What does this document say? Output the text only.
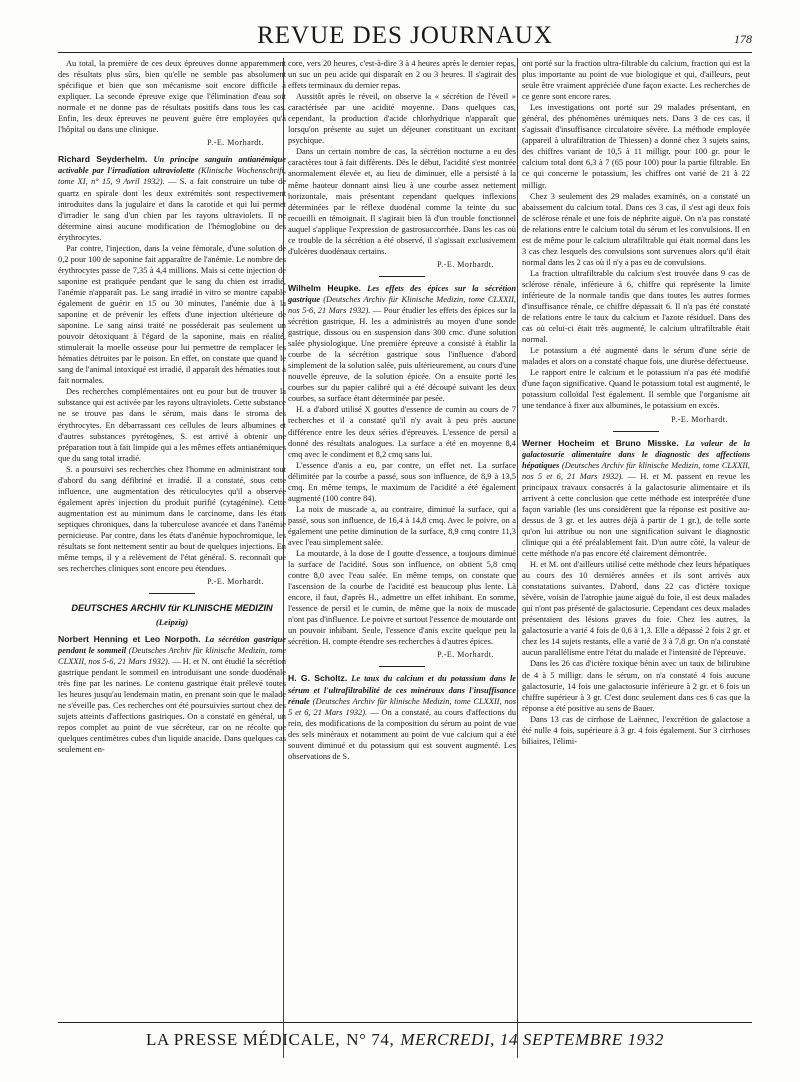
REVUE DES JOURNAUX	178

Au total, la première de ces deux épreuves donne apparemment des résultats plus sûrs, bien qu'elle ne semble pas absolument spécifique et bien que son mécanisme soit encore difficile à expliquer. La seconde épreuve exige que l'élimination d'eau soit normale et ne donne pas de résultats positifs dans tous les cas. Enfin, les deux épreuves ne peuvent guère être employées qu'à l'hôpital ou dans une clinique.

P.-E. Morhardt.

Richard Seyderhelm. Un principe sanguin antianémique activable par l'irradiation ultraviolette (Klinische Wochenschrift, tome XI, n° 15, 9 Avril 1932). — S. a fait construire un tube de quartz en spirale dont les deux extrémités sont respectivement introduites dans la jugulaire et dans la carotide et qui lui permet d'irradier le sang d'un chien par les rayons ultraviolets. Il ne détermine ainsi aucune modification de l'hémoglobine ou des érythrocytes.

Par contre, l'injection, dans la veine fémorale, d'une solution de 0,2 pour 100 de saponine fait apparaître de l'anémie. Le nombre des érythrocytes passe de 7,35 à 4,4 millions. Mais si cette injection de saponine est pratiquée pendant que le sang du chien est irradié, l'anémie n'apparaît pas. Le sang irradié in vitro se montre capable également de guérir en 15 ou 30 minutes, l'anémie due à la saponine et de prévenir les effets d'une injection ultérieure de saponine. Le sang ainsi traité ne posséderait pas seulement un pouvoir détoxiquant à l'égard de la saponine, mais en réalité, stimulerait la moelle osseuse pour lui permettre de remplacer les hématies détruites par le poison. En effet, on constate que quand le sang de l'animal intoxiqué est irradié, il apparaît des hématies tout à fait normales.

Des recherches complémentaires ont eu pour but de trouver la substance qui est activée par les rayons ultraviolets. Cette substance ne se trouve pas dans le sérum, mais dans le stroma des érythrocytes. En débarrassant ces cellules de leurs albumines et d'autres substances pyrétogènes, S. est arrivé à obtenir une préparation tout à fait limpide qui a les mêmes effets antianémiques que du sang total irradié.

S. a poursuivi ses recherches chez l'homme en administrant tout d'abord du sang défibriné et irradié. Il a constaté, sous cette influence, une augmentation des réticulocytes qu'il a observée également après injection du produit purifié (cytagénine). Cette augmentation est au minimum dans le carcinome, dans les états septiques chroniques, dans la tuberculose avancée et dans l'anémie pernicieuse. Par contre, dans les états d'anémie hypochromique, les résultats se font nettement sentir au bout de quelques injections. En même temps, il y a relèvement de l'état général. S. reconnaît que ses recherches cliniques sont encore peu étendues.

P.-E. Morhardt.

DEUTSCHES ARCHIV für KLINISCHE MEDIZIN
(Leipzig)

Norbert Henning et Leo Norpoth. La sécrétion gastrique pendant le sommeil (Deutsches Archiv für klinische Medizin, tome CLXXII, nos 5-6, 21 Mars 1932). — H. et N. ont étudié la sécrétion gastrique pendant le sommeil en introduisant une sonde duodénale très fine par les narines. Le contenu gastrique était prélevé toutes les heures jusqu'au lendemain matin, en prenant soin que le malade ne s'éveille pas. Ces recherches ont été poursuivies surtout chez des sujets atteints d'affections gastriques. On a constaté en général, un repos complet au point de vue sécréteur, car on ne récolte que quelques centimètres cubes d'un liquide anacide. Dans quelques cas seulement en-

core, vers 20 heures, c'est-à-dire 3 à 4 heures après le dernier repas, un suc un peu acide qui disparaît en 2 ou 3 heures. Il s'agirait des effets terminaux du dernier repas.

Aussitôt après le réveil, on observe la « sécrétion de l'éveil » caractérisée par une acidité moyenne. Dans quelques cas, cependant, la production d'acide chlorhydrique n'apparaît que lorsqu'on présente au sujet un déjeuner constituant un excitant psychique.

Dans un certain nombre de cas, la sécrétion nocturne a eu des caractères tout à fait différents. Dès le début, l'acidité s'est montrée anormalement élevée et, au lieu de diminuer, elle a persisté à la même hauteur donnant ainsi lieu à une courbe assez nettement horizontale, mais présentant cependant quelques inflexions déterminées par le réflexe duodénal comme la teinte du suc recueilli en témoignait. Il s'agirait bien là d'un trouble fonctionnel auquel s'applique l'expression de gastrosuccorrhée. Dans les cas où ce trouble de la sécrétion a été observé, il s'agissait exclusivement d'ulcères duodénaux certains.

P.-E. Morhardt.

Wilhelm Heupke. Les effets des épices sur la sécrétion gastrique (Deutsches Archiv für Klinische Medizin, tome CLXXII, nos 5-6, 21 Mars 1932). — Pour étudier les effets des épices sur la sécrétion gastrique, H. les a administrés au moyen d'une sonde gastrique, dissous ou en suspension dans 300 cmc. d'une solution salée physiologique. Une première épreuve a consisté à établir la courbe de la sécrétion gastrique sous l'influence d'abord simplement de la solution salée, puis ultérieurement, au cours d'une nouvelle épreuve, de la solution épicée. On a ensuite porté les courbes sur du papier calibré qui a été découpé suivant les deux courbes, sa surface étant déterminée par pesée.

H. a d'abord utilisé X gouttes d'essence de cumin au cours de 7 recherches et il a constaté qu'il n'y avait à peu près aucune différence entre les deux séries d'épreuves. L'essence de persil a donné des résultats analogues. La surface a été en moyenne 8,4 cmq avec le condiment et 8,2 cmq sans lui.

L'essence d'anis a eu, par contre, un effet net. La surface délimitée par la courbe a passé, sous son influence, de 8,9 à 13,5 cmq. En même temps, le maximum de l'acidité a été également augmenté (100 contre 84).

La noix de muscade a, au contraire, diminué la surface, qui a passé, sous son influence, de 16,4 à 14,8 cmq. Avec le poivre, on a également une petite diminution de la surface, 8,9 cmq contre 11,3 avec l'eau simplement salée.

La moutarde, à la dose de I goutte d'essence, a toujours diminué la surface de l'acidité. Sous son influence, on obtient 5,8 cmq contre 8,0 avec l'eau salée. En même temps, on constate que l'ascension de la courbe de l'acidité est beaucoup plus lente. Là encore, il faut, d'après H., admettre un effet inhibant. En somme, l'essence de persil et le cumin, de même que la noix de muscade n'ont pas d'influence. Le poivre et surtout l'essence de moutarde ont un pouvoir inhibant. Seule, l'essence d'anis excite quelque peu la sécrétion. H. compte étendre ses recherches à d'autres épices.

P.-E. Morhardt.

H. G. Scholtz. Le taux du calcium et du potassium dans le sérum et l'ultrafiltrabilité de ces minéraux dans l'insuffisance rénale (Deutsches Archiv für klinische Medizin, tome CLXXII, nos 5 et 6, 21 Mars 1932). — On a constaté, au cours d'affections du rein, des modifications de la composition du sérum au point de vue des sels minéraux et notamment au point de vue calcium qui a été souvent diminué et du potassium qui est souvent augmenté. Les observations de S.

ont porté sur la fraction ultra-filtrable du calcium, fraction qui est la plus importante au point de vue biologique et qui, d'ailleurs, peut seule être vraiment appréciée d'une façon exacte. Les recherches de ce genre sont encore rares.

Les investigations ont porté sur 29 malades présentant, en général, des phénomènes urémiques nets. Dans 3 de ces cas, il s'agissait d'insuffisance circulatoire sévère. La méthode employée (appareil à ultrafiltration de Thiessen) a donné chez 3 sujets sains, des chiffres variant de 10,5 à 11 milligr. pour 100 gr. pour le calcium total dont 6,3 à 7 (65 pour 100) pour la partie filtrable. En ce qui concerne le potassium, les chiffres ont varié de 21 à 22 milligr.

Chez 3 seulement des 29 malades examinés, on a constaté un abaissement du calcium total. Dans ces 3 cas, il s'est agi deux fois de sclérose rénale et une fois de néphrite aiguë. On n'a pas constaté de relations entre le calcium total du sérum et les convulsions. Il en est de même pour le calcium ultrafiltrable qui était normal dans les 3 cas chez lesquels des convulsions sont survenues alors qu'il était normal dans les 2 cas où il n'y a pas eu de convulsions.

La fraction ultrafiltrable du calcium s'est trouvée dans 9 cas de sclérose rénale, inférieure à 6, chiffre qui représente la limite inférieure de la normale tandis que dans toutes les autres formes d'insuffisance rénale, ce chiffre dépassait 6. Il n'a pas été constaté de relations entre le taux du calcium et l'azote résiduel. Dans des cas où celui-ci était très augmenté, le calcium ultrafiltrable était normal.

Le potassium a été augmenté dans le sérum d'une série de malades et alors on a constaté chaque fois, une diurèse défectueuse.

Le rapport entre le calcium et le potassium n'a pas été modifié d'une façon significative. Quand le potassium total est augmenté, le potassium colloïdal l'est également. Il semble que l'organisme ait une tendance à fixer aux albumines, le potassium en excès.

P.-E. Morhardt.

Werner Hocheim et Bruno Misske. La valeur de la galactosurie alimentaire dans le diagnostic des affections hépatiques (Deutsches Archiv für klinische Medizin, tome CLXXII, nos 5 et 6, 21 Mars 1932). — H. et M. passent en revue les principaux travaux consacrés à la galactosurie alimentaire et ils arrivent à cette conclusion que cette méthode est interprétée d'une façon variable (les uns considèrent que la réponse est positive au-dessus de 3 gr. et les autres déjà à partir de 1 gr.), de telle sorte qu'on lui attribue ou non une signification suivant le diagnostic clinique qui a été préalablement fait. D'un autre côté, la valeur de cette méthode n'a pas encore été clairement démontrée.

H. et M. ont d'ailleurs utilisé cette méthode chez leurs hépatiques au cours des 10 dernières années et ils sont arrivés aux constatations suivantes. D'abord, dans 22 cas d'ictère toxique sévère, voisin de l'atrophie jaune aiguë du foie, il est deux malades qui n'ont pas présenté de galactosurie. Cependant ces deux malades présentaient des lésions graves du foie. Chez les autres, la galactosurie a varié 4 fois de 0,6 à 1,3. Elle a dépassé 2 fois 2 gr. et chez les 14 sujets restants, elle a varié de 3 à 7,8 gr. On n'a constaté aucun parallélisme entre l'état du malade et l'intensité de l'épreuve.

Dans les 26 cas d'ictère toxique bénin avec un taux de bilirubine de 4 à 5 milligr. dans le sérum, on n'a constaté 4 fois aucune galactosurie, 14 fois une galactosurie inférieure à 2 gr. et 6 fois un chiffre supérieur à 3 gr. C'est donc seulement dans ces 6 cas que la réponse a été positive au sens de Bauer.

Dans 13 cas de cirrhose de Laënnec, l'excrétion de galactose a été nulle 4 fois, supérieure à 3 gr. 4 fois également. Sur 3 cirrhoses biliaires, l'élimi-

LA PRESSE MÉDICALE, N° 74, MERCREDI, 14 SEPTEMBRE 1932
